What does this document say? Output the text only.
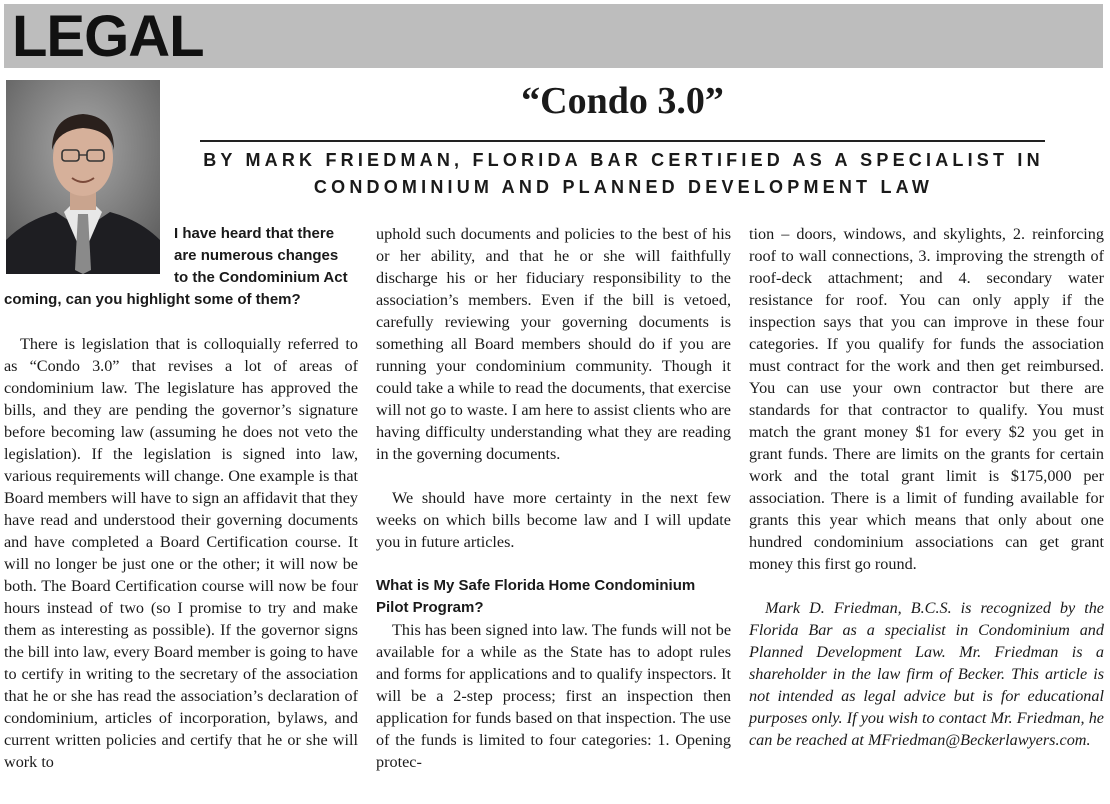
LEGAL
“Condo 3.0”
BY MARK FRIEDMAN, FLORIDA BAR CERTIFIED AS A SPECIALIST IN
CONDOMINIUM AND PLANNED DEVELOPMENT LAW
I have heard that there
are numerous changes
to the Condominium Act
coming, can you highlight some of them?

There is legislation that is colloquially referred to as “Condo 3.0” that revises a lot of areas of condominium law. The legislature has approved the bills, and they are pending the governor’s signature before becoming law (assuming he does not veto the legislation). If the legislation is signed into law, various requirements will change. One example is that Board members will have to sign an affidavit that they have read and understood their governing documents and have completed a Board Certification course. It will no longer be just one or the other; it will now be both. The Board Certification course will now be four hours instead of two (so I promise to try and make them as interesting as possible). If the governor signs the bill into law, every Board member is going to have to certify in writing to the secretary of the association that he or she has read the association’s declaration of condominium, articles of incorporation, bylaws, and current written policies and certify that he or she will work to

uphold such documents and policies to the best of his or her ability, and that he or she will faithfully discharge his or her fiduciary responsibility to the association’s members. Even if the bill is vetoed, carefully reviewing your governing documents is something all Board members should do if you are running your condominium community. Though it could take a while to read the documents, that exercise will not go to waste. I am here to assist clients who are having difficulty understanding what they are reading in the governing documents.

We should have more certainty in the next few weeks on which bills become law and I will update you in future articles.

What is My Safe Florida Home Condominium Pilot Program?

This has been signed into law. The funds will not be available for a while as the State has to adopt rules and forms for applications and to qualify inspectors. It will be a 2-step process; first an inspection then application for funds based on that inspection. The use of the funds is limited to four categories: 1. Opening protec-

tion – doors, windows, and skylights, 2. reinforcing roof to wall connections, 3. improving the strength of roof-deck attachment; and 4. secondary water resistance for roof. You can only apply if the inspection says that you can improve in these four categories. If you qualify for funds the association must contract for the work and then get reimbursed. You can use your own contractor but there are standards for that contractor to qualify. You must match the grant money $1 for every $2 you get in grant funds. There are limits on the grants for certain work and the total grant limit is $175,000 per association. There is a limit of funding available for grants this year which means that only about one hundred condominium associations can get grant money this first go round.

Mark D. Friedman, B.C.S. is recognized by the Florida Bar as a specialist in Condominium and Planned Development Law. Mr. Friedman is a shareholder in the law firm of Becker. This article is not intended as legal advice but is for educational purposes only. If you wish to contact Mr. Friedman, he can be reached at MFriedman@Beckerlawyers.com.
